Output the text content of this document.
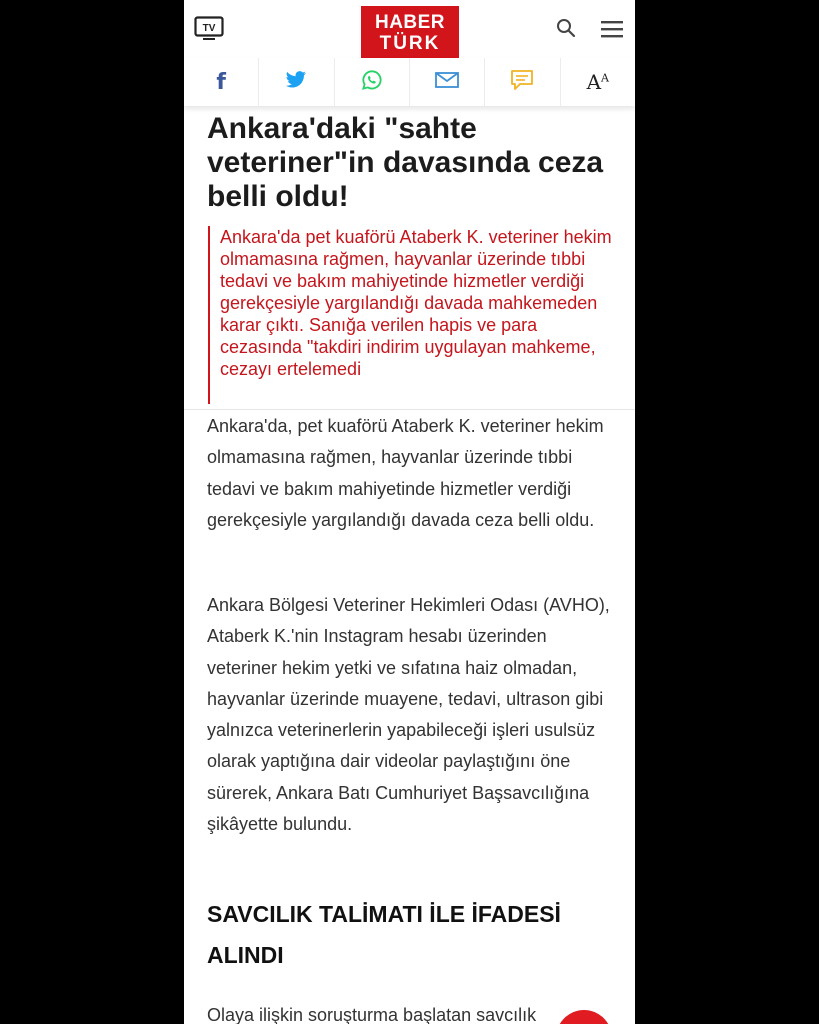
TV	HABER
TÜRK
f	$A^A$
Ankara'daki "sahte veteriner"in davasında ceza belli oldu!
Ankara'da pet kuaförü Ataberk K. veteriner hekim olmamasına rağmen, hayvanlar üzerinde tıbbi tedavi ve bakım mahiyetinde hizmetler verdiği gerekçesiyle yargılandığı davada mahkemeden karar çıktı. Sanığa verilen hapis ve para cezasında "takdiri indirim uygulayan mahkeme, cezayı ertelemedi

Ankara'da, pet kuaförü Ataberk K. veteriner hekim olmamasına rağmen, hayvanlar üzerinde tıbbi tedavi ve bakım mahiyetinde hizmetler verdiği gerekçesiyle yargılandığı davada ceza belli oldu.

Ankara Bölgesi Veteriner Hekimleri Odası (AVHO), Ataberk K.'nin Instagram hesabı üzerinden veteriner hekim yetki ve sıfatına haiz olmadan, hayvanlar üzerinde muayene, tedavi, ultrason gibi yalnızca veterinerlerin yapabileceği işleri usulsüz olarak yaptığına dair videolar paylaştığını öne sürerek, Ankara Batı Cumhuriyet Başsavcılığına şikâyette bulundu.

SAVCILIK TALİMATI İLE İFADESİ ALINDI

Olaya ilişkin soruşturma başlatan savcılık
